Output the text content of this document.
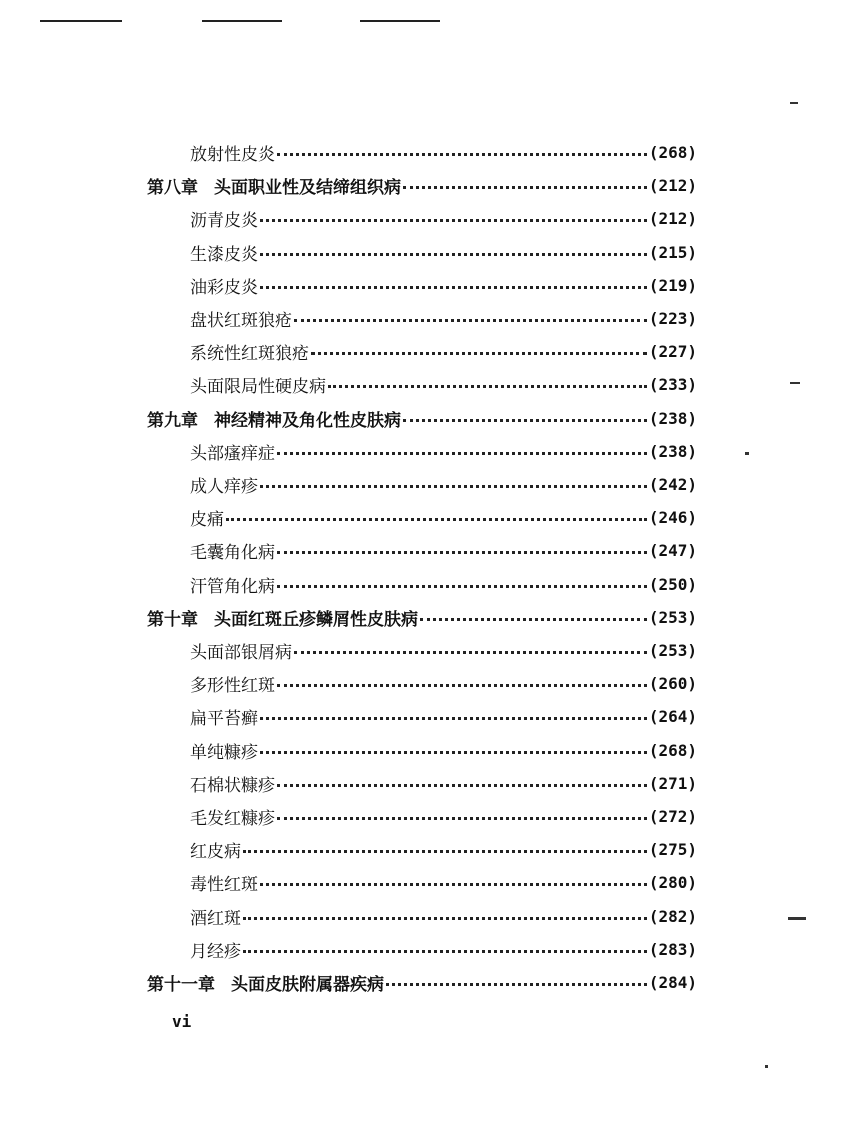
放射性皮炎	(268)
第八章 头面职业性及结缔组织病	(212)
沥青皮炎	(212)
生漆皮炎	(215)
油彩皮炎	(219)
盘状红斑狼疮	(223)
系统性红斑狼疮	(227)
头面限局性硬皮病	(233)
第九章 神经精神及角化性皮肤病	(238)
头部瘙痒症	(238)
成人痒疹	(242)
皮痛	(246)
毛囊角化病	(247)
汗管角化病	(250)
第十章 头面红斑丘疹鳞屑性皮肤病	(253)
头面部银屑病	(253)
多形性红斑	(260)
扁平苔癣	(264)
单纯糠疹	(268)
石棉状糠疹	(271)
毛发红糠疹	(272)
红皮病	(275)
毒性红斑	(280)
酒红斑	(282)
月经疹	(283)
第十一章 头面皮肤附属器疾病	(284)
vi
